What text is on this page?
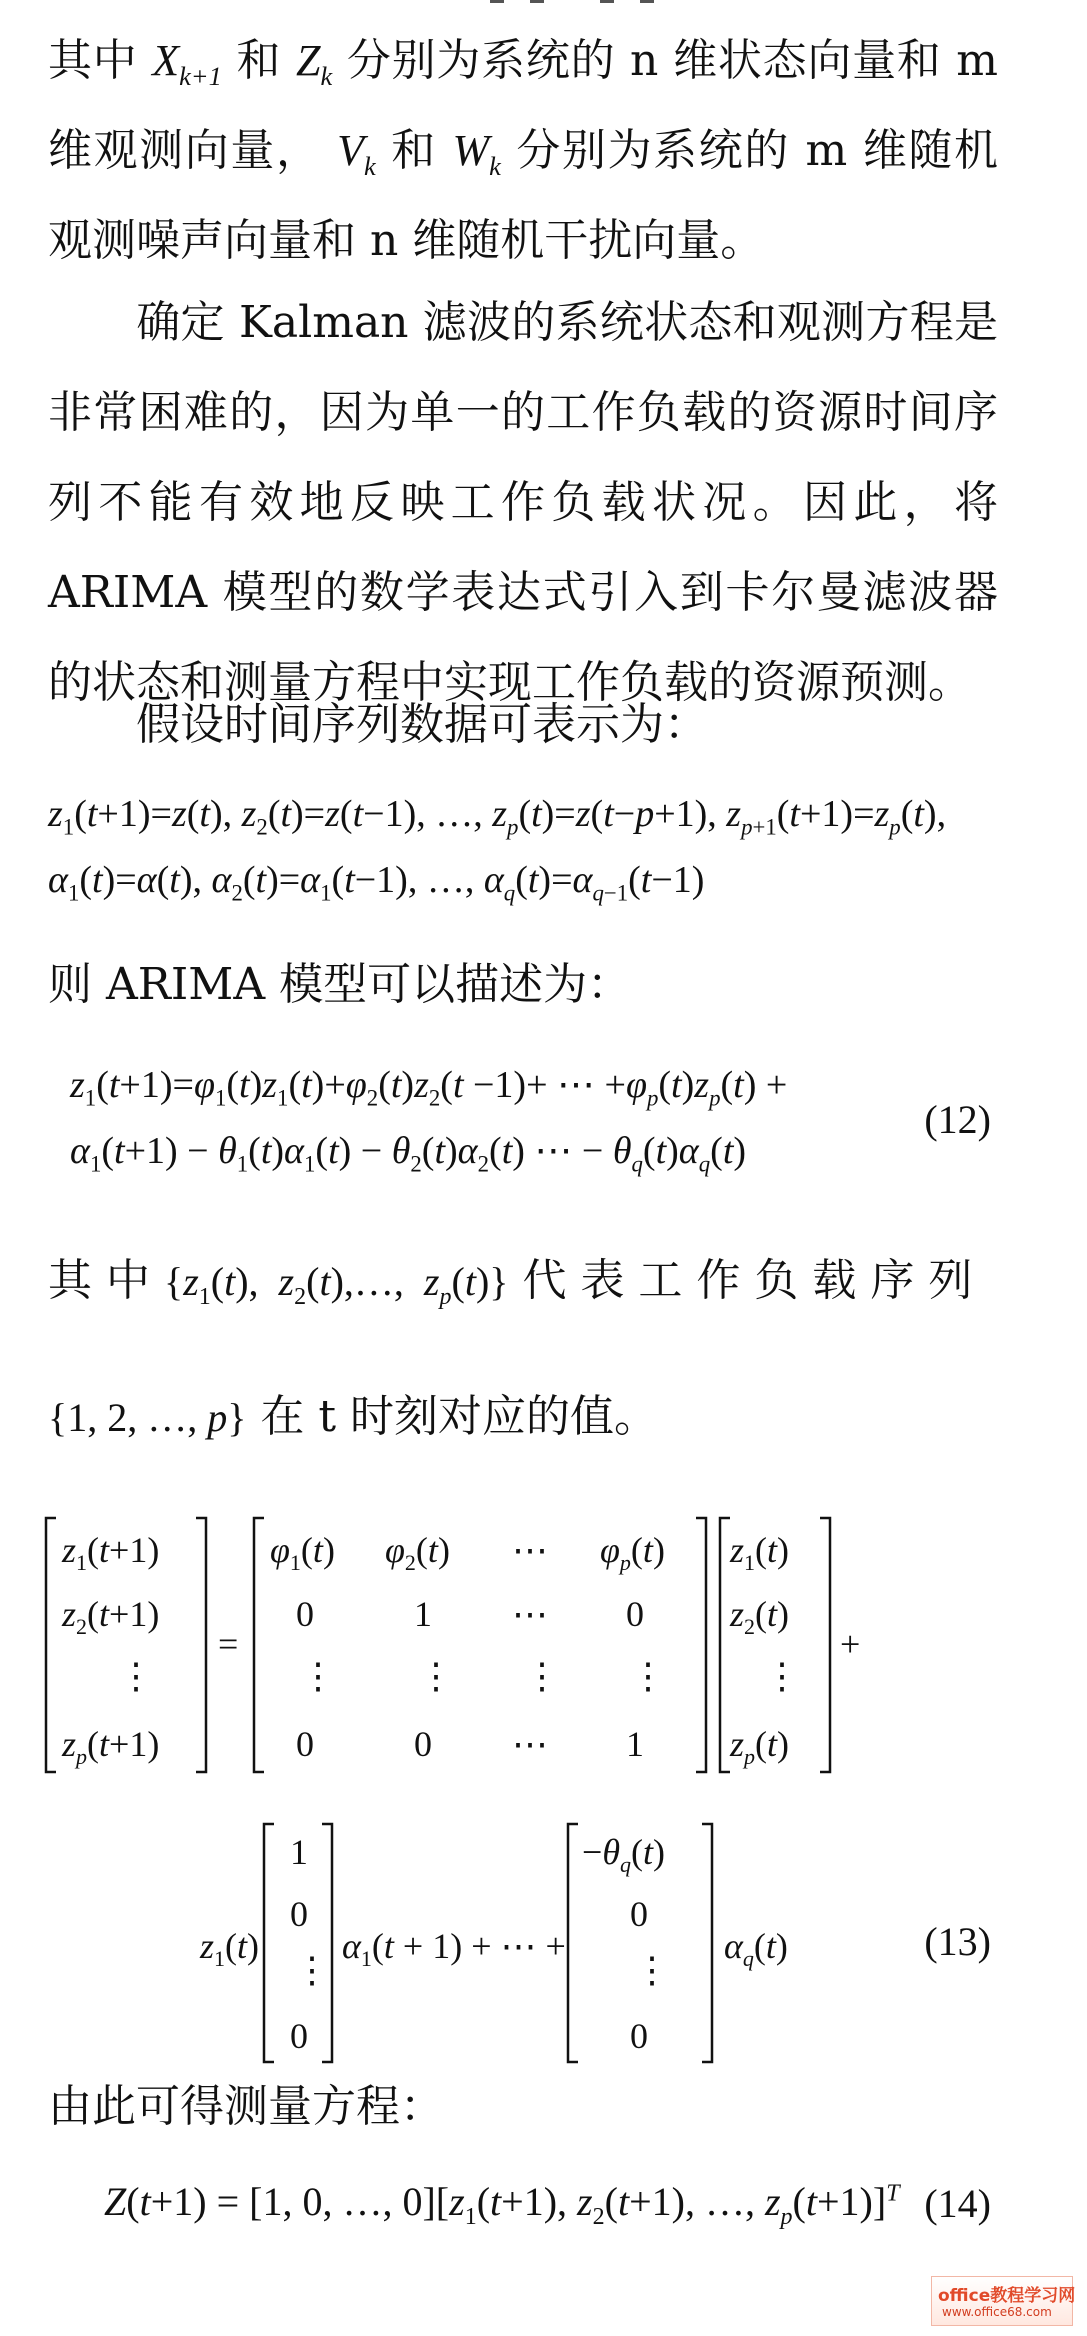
其中 $X_{k+1}$ 和 $Z_k$ 分别为系统的 n 维状态向量和 m 维观测向量， $V_k$ 和 $W_k$ 分别为系统的 m 维随机观测噪声向量和 n 维随机干扰向量。
确定 Kalman 滤波的系统状态和观测方程是非常困难的，因为单一的工作负载的资源时间序列不能有效地反映工作负载状况。因此，将 ARIMA 模型的数学表达式引入到卡尔曼滤波器的状态和测量方程中实现工作负载的资源预测。
假设时间序列数据可表示为：
$z_1(t+1)=z(t)$, $z_2(t)=z(t-1)$, …, $z_p(t)=z(t-p+1)$, $z_{p+1}(t+1)=z_p(t)$,
$\alpha_1(t)=\alpha(t)$, $\alpha_2(t)=\alpha_1(t-1)$, …, $\alpha_q(t)=\alpha_{q-1}(t-1)$
则 ARIMA 模型可以描述为：
$z_1(t+1)=\varphi_1(t)z_1(t)+\varphi_2(t)z_2(t -1)+$ ⋯ $+\varphi_p(t)z_p(t)$ +
$\alpha_1(t+1) - \theta_1(t)\alpha_1(t) - \theta_2(t)\alpha_2(t)$ ⋯ − $\theta_q(t)\alpha_q(t)$
(12)
其 中 {$z_1(t)$,  $z_2(t),\dots$,  $z_p(t)$} 代 表 工 作 负 载 序 列
{1, 2, …, p} 在 t 时刻对应的值。
$z_1(t+1)$
$z_2(t+1)$
⋮
$z_p(t+1)$
=
$\varphi_1(t)$ $\varphi_2(t)$ ⋯ $\varphi_p(t)$
0	1 ⋯ 0
⋮ ⋮ ⋮ ⋮
0	0 ⋯ 1
$z_1(t)$
$z_2(t)$
⋮
$z_p(t)$
+
$z_1(t)$
1
0
⋮
0
$\alpha_1(t + 1)$ + ⋯ +
$-\theta_q(t)$
0
⋮
0
$\alpha_q(t)$	(13)
由此可得测量方程：
Z(t+1) = [1, 0, …, $0][z_1(t+1)$, $z_2(t+1)$, …, $z_p(t+1)]^T$ (14)
office教程学习网
www.office68.com
